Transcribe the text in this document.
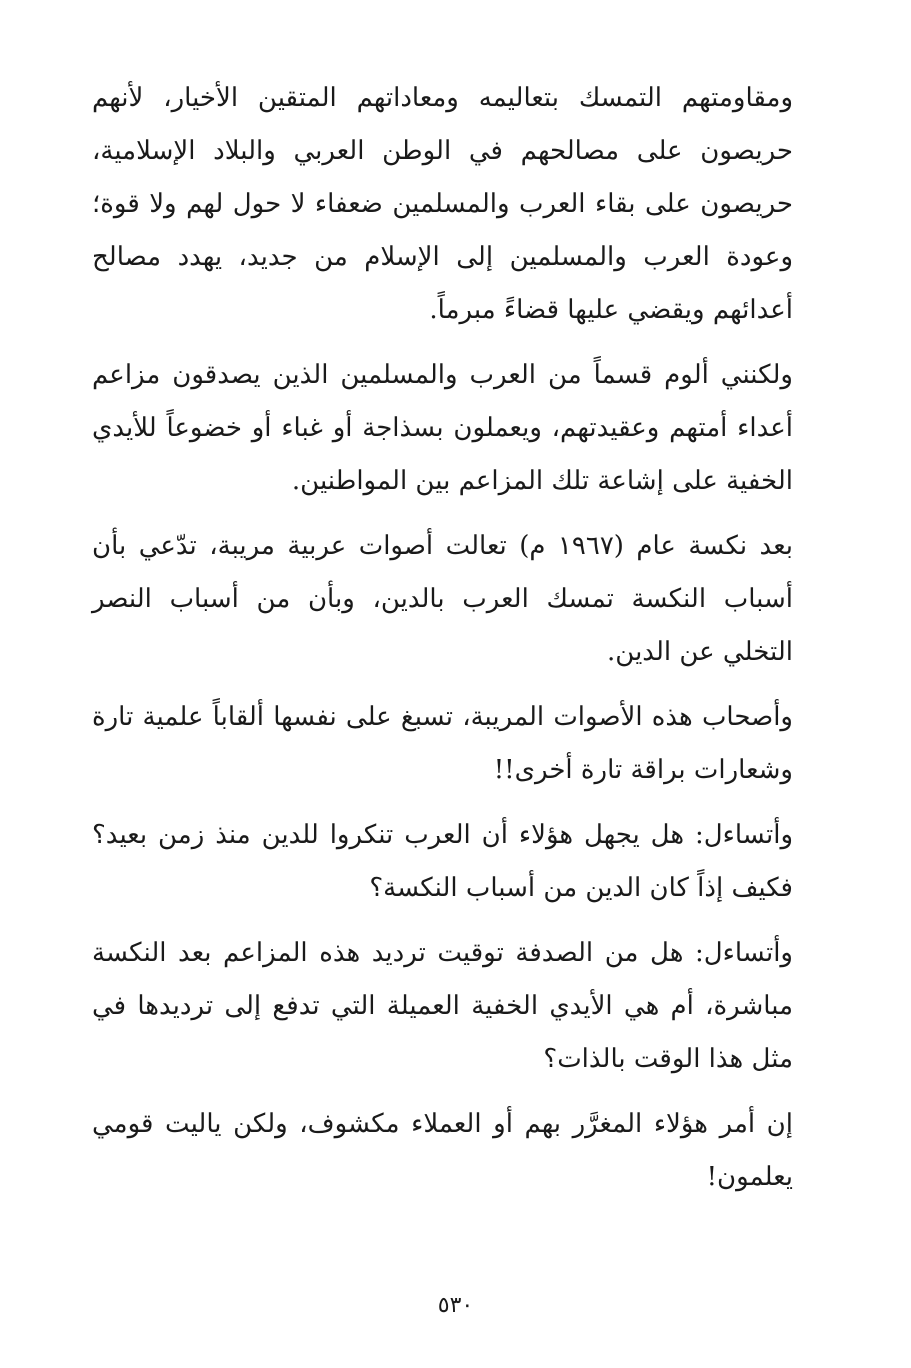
ومقاومتهم التمسك بتعاليمه ومعاداتهم المتقين الأخيار، لأنهم حريصون على مصالحهم في الوطن العربي والبلاد الإسلامية، حريصون على بقاء العرب والمسلمين ضعفاء لا حول لهم ولا قوة؛ وعودة العرب والمسلمين إلى الإسلام من جديد، يهدد مصالح أعدائهم ويقضي عليها قضاءً مبرماً.

ولكنني ألوم قسماً من العرب والمسلمين الذين يصدقون مزاعم أعداء أمتهم وعقيدتهم، ويعملون بسذاجة أو غباء أو خضوعاً للأيدي الخفية على إشاعة تلك المزاعم بين المواطنين.

بعد نكسة عام (١٩٦٧ م) تعالت أصوات عربية مريبة، تدّعي بأن أسباب النكسة تمسك العرب بالدين، وبأن من أسباب النصر التخلي عن الدين.

وأصحاب هذه الأصوات المريبة، تسبغ على نفسها ألقاباً علمية تارة وشعارات براقة تارة أخرى!!

وأتساءل: هل يجهل هؤلاء أن العرب تنكروا للدين منذ زمن بعيد؟ فكيف إذاً كان الدين من أسباب النكسة؟

وأتساءل: هل من الصدفة توقيت ترديد هذه المزاعم بعد النكسة مباشرة، أم هي الأيدي الخفية العميلة التي تدفع إلى ترديدها في مثل هذا الوقت بالذات؟

إن أمر هؤلاء المغرَّر بهم أو العملاء مكشوف، ولكن ياليت قومي يعلمون!

٥٣٠
